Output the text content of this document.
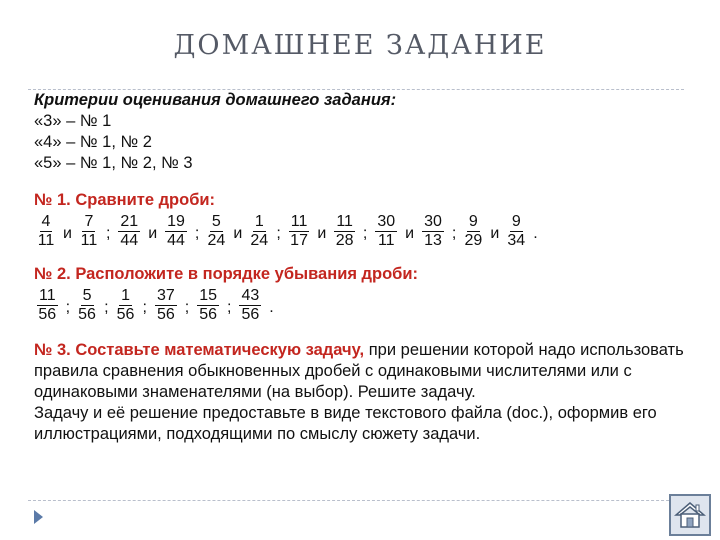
ДОМАШНЕЕ ЗАДАНИЕ
Критерии оценивания домашнего задания:
«3» – № 1
«4» – № 1, № 2
«5» – № 1, № 2, № 3
№ 1. Сравните дроби:
$\frac{4}{11}$ и $\frac{7}{11}$ ; $\frac{21}{44}$ и $\frac{19}{44}$ ; $\frac{5}{24}$ и $\frac{1}{24}$ ; $\frac{11}{17}$ и $\frac{11}{28}$ ; $\frac{30}{11}$ и $\frac{30}{13}$ ; $\frac{9}{29}$ и $\frac{9}{34}$ .
№ 2. Расположите в порядке убывания дроби:
$\frac{11}{56}$ ; $\frac{5}{56}$ ; $\frac{1}{56}$ ; $\frac{37}{56}$ ; $\frac{15}{56}$ ; $\frac{43}{56}$ .
№ 3. Составьте математическую задачу, при решении которой надо использовать правила сравнения обыкновенных дробей с одинаковыми числителями или с одинаковыми знаменателями (на выбор). Решите задачу.
Задачу и её решение предоставьте в виде текстового файла (doc.), оформив его иллюстрациями, подходящими по смыслу сюжету задачи.
